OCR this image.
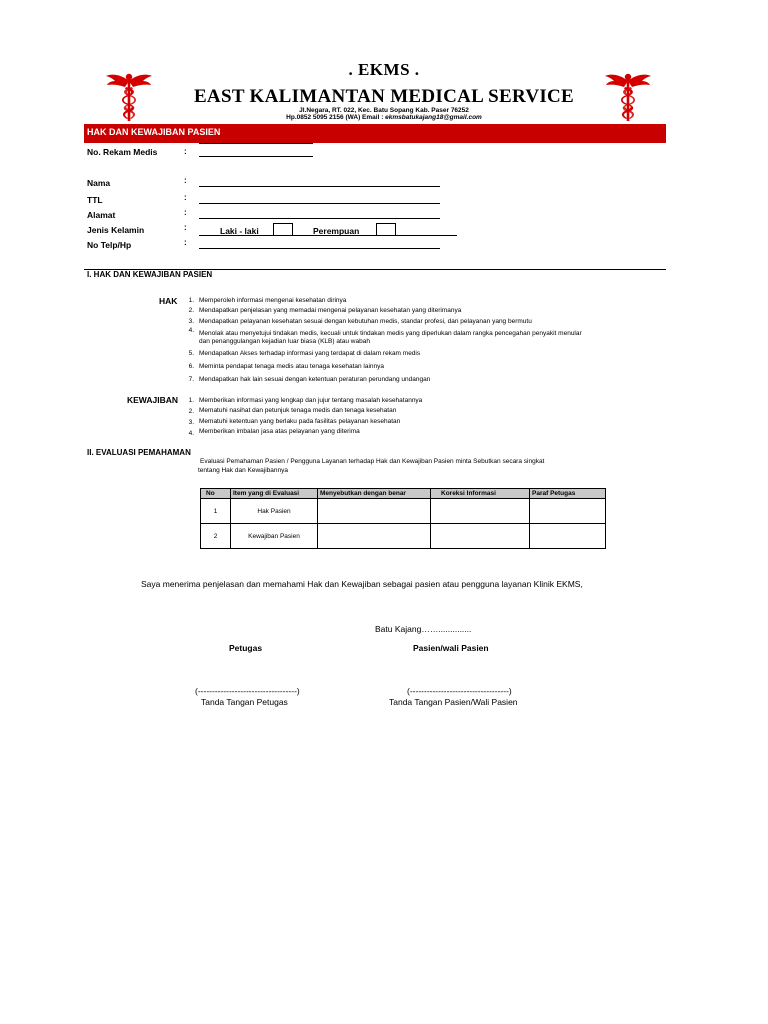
. EKMS .
EAST KALIMANTAN MEDICAL SERVICE
Jl.Negara, RT. 022, Kec. Batu Sopang Kab. Paser 76252
Hp.0852 5095 2156 (WA) Email : ekmsbatukajang18@gmail.com
HAK DAN KEWAJIBAN PASIEN
No. Rekam Medis	:
Nama	:
TTL	:
Alamat	:
Jenis Kelamin	:	Laki - laki	Perempuan
No Telp/Hp	:
I. HAK DAN KEWAJIBAN PASIEN
HAK	1. Memperoleh informasi mengenai kesehatan dirinya
2. Mendapatkan penjelasan yang memadai mengenai pelayanan kesehatan yang diterimanya
3. Mendapatkan pelayanan kesehatan sesuai dengan kebutuhan medis, standar profesi, dan pelayanan yang bermutu
4. Menolak atau menyetujui tindakan medis, kecuali untuk tindakan medis yang diperlukan dalam rangka pencegahan penyakit menular
dan penanggulangan kejadian luar biasa (KLB) atau wabah
5. Mendapatkan Akses terhadap informasi yang terdapat di dalam rekam medis
6. Meminta pendapat tenaga medis atau tenaga kesehatan lainnya
7. Mendapatkan hak lain sesuai dengan ketentuan peraturan perundang undangan
KEWAJIBAN	1. Memberikan informasi yang lengkap dan jujur tentang masalah kesehatannya
2. Mematuhi nasihat dan petunjuk tenaga medis dan tenaga kesehatan
3. Mematuhi ketentuan yang berlaku pada fasilitas pelayanan kesehatan
4. Memberikan imbalan jasa atas pelayanan yang diterima
II. EVALUASI PEMAHAMAN
Evaluasi Pemahaman Pasien / Pengguna Layanan terhadap Hak dan Kewajiban Pasien minta Sebutkan secara singkat
tentang Hak dan Kewajibannya
No	Item yang di Evaluasi	Menyebutkan dengan benar	Koreksi Informasi	Paraf Petugas
1	Hak Pasien			
2	Kewajiban Pasien			
Saya menerima penjelasan dan memahami Hak dan Kewajiban sebagai pasien atau pengguna layanan Klinik EKMS,
Batu Kajang……..............
Petugas	Pasien/wali Pasien
(-----------------------------------)	(-----------------------------------)
Tanda Tangan Petugas	Tanda Tangan Pasien/Wali Pasien
